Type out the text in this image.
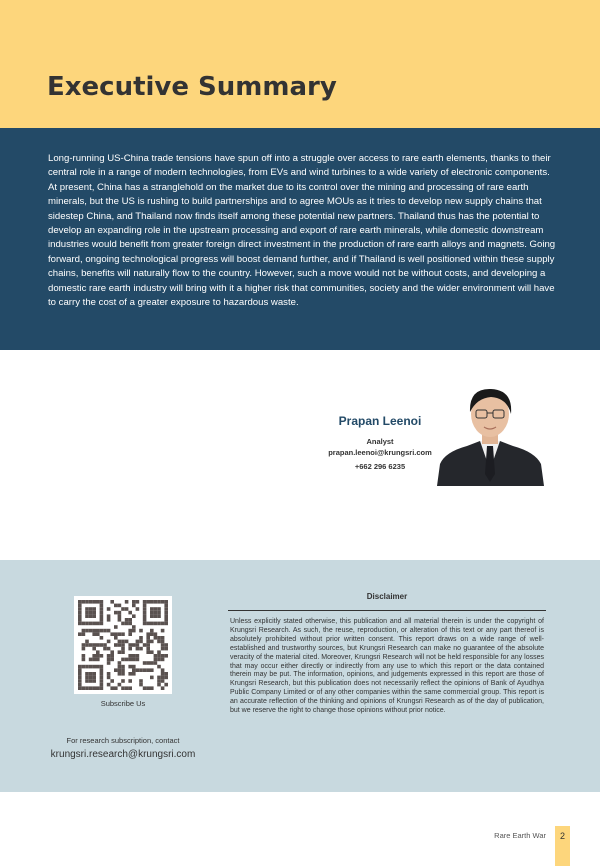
Executive Summary

Long-running US-China trade tensions have spun off into a struggle over access to rare earth elements, thanks to their central role in a range of modern technologies, from EVs and wind turbines to a wide variety of electronic components. At present, China has a stranglehold on the market due to its control over the mining and processing of rare earth minerals, but the US is rushing to build partnerships and to agree MOUs as it tries to develop new supply chains that sidestep China, and Thailand now finds itself among these potential new partners. Thailand thus has the potential to develop an expanding role in the upstream processing and export of rare earth minerals, while domestic downstream industries would benefit from greater foreign direct investment in the production of rare earth alloys and magnets. Going forward, ongoing technological progress will boost demand further, and if Thailand is well positioned within these supply chains, benefits will naturally flow to the country. However, such a move would not be without costs, and developing a domestic rare earth industry will bring with it a higher risk that communities, society and the wider environment will have to carry the cost of a greater exposure to hazardous waste.

Prapan Leenoi
Analyst
prapan.leenoi@krungsri.com
+662 296 6235
Subscribe Us
For research subscription, contact
krungsri.research@krungsri.com
Disclaimer

Unless explicitly stated otherwise, this publication and all material therein is under the copyright of Krungsri Research. As such, the reuse, reproduction, or alteration of this text or any part thereof is absolutely prohibited without prior written consent. This report draws on a wide range of well-established and trustworthy sources, but Krungsri Research can make no guarantee of the absolute veracity of the material cited. Moreover, Krungsri Research will not be held responsible for any losses that may occur either directly or indirectly from any use to which this report or the data contained therein may be put. The information, opinions, and judgements expressed in this report are those of Krungsri Research, but this publication does not necessarily reflect the opinions of Bank of Ayudhya Public Company Limited or of any other companies within the same commercial group. This report is an accurate reflection of the thinking and opinions of Krungsri Research as of the day of publication, but we reserve the right to change those opinions without prior notice.

Rare Earth War	2
